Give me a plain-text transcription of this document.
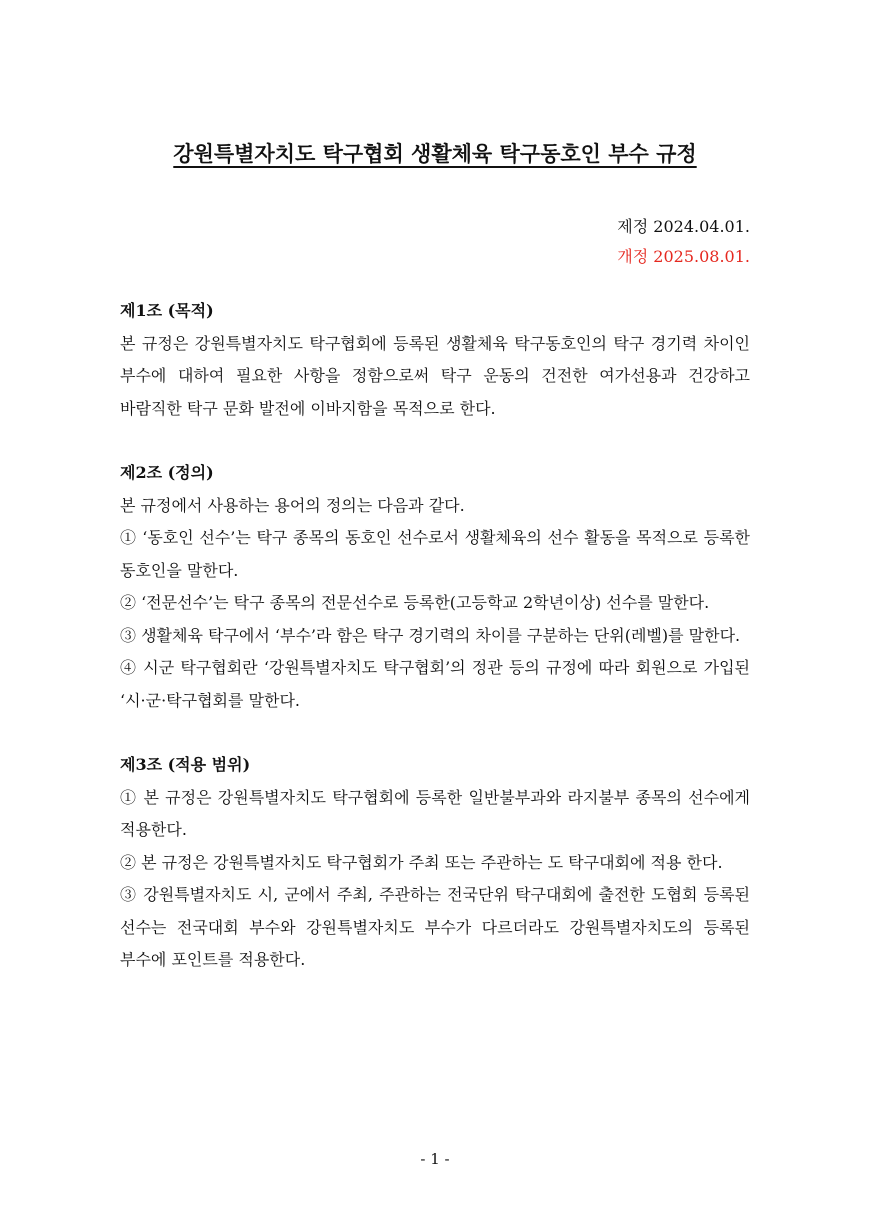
강원특별자치도 탁구협회 생활체육 탁구동호인 부수 규정
제정 2024.04.01.
개정 2025.08.01.

제1조 (목적)

본 규정은 강원특별자치도 탁구협회에 등록된 생활체육 탁구동호인의 탁구 경기력 차이인 부수에 대하여 필요한 사항을 정함으로써 탁구 운동의 건전한 여가선용과 건강하고 바람직한 탁구 문화 발전에 이바지함을 목적으로 한다.

제2조 (정의)

본 규정에서 사용하는 용어의 정의는 다음과 같다.

① ‘동호인 선수’는 탁구 종목의 동호인 선수로서 생활체육의 선수 활동을 목적으로 등록한 동호인을 말한다.

② ‘전문선수’는 탁구 종목의 전문선수로 등록한(고등학교 2학년이상) 선수를 말한다.

③ 생활체육 탁구에서 ‘부수’라 함은 탁구 경기력의 차이를 구분하는 단위(레벨)를 말한다.

④ 시군 탁구협회란 ‘강원특별자치도 탁구협회’의 정관 등의 규정에 따라 회원으로 가입된 ‘시·군·탁구협회를 말한다.

제3조 (적용 범위)

① 본 규정은 강원특별자치도 탁구협회에 등록한 일반불부과와 라지불부 종목의 선수에게 적용한다.

② 본 규정은 강원특별자치도 탁구협회가 주최 또는 주관하는 도 탁구대회에 적용 한다.

③ 강원특별자치도 시, 군에서 주최, 주관하는 전국단위 탁구대회에 출전한 도협회 등록된 선수는 전국대회 부수와 강원특별자치도 부수가 다르더라도 강원특별자치도의 등록된 부수에 포인트를 적용한다.

- 1 -
